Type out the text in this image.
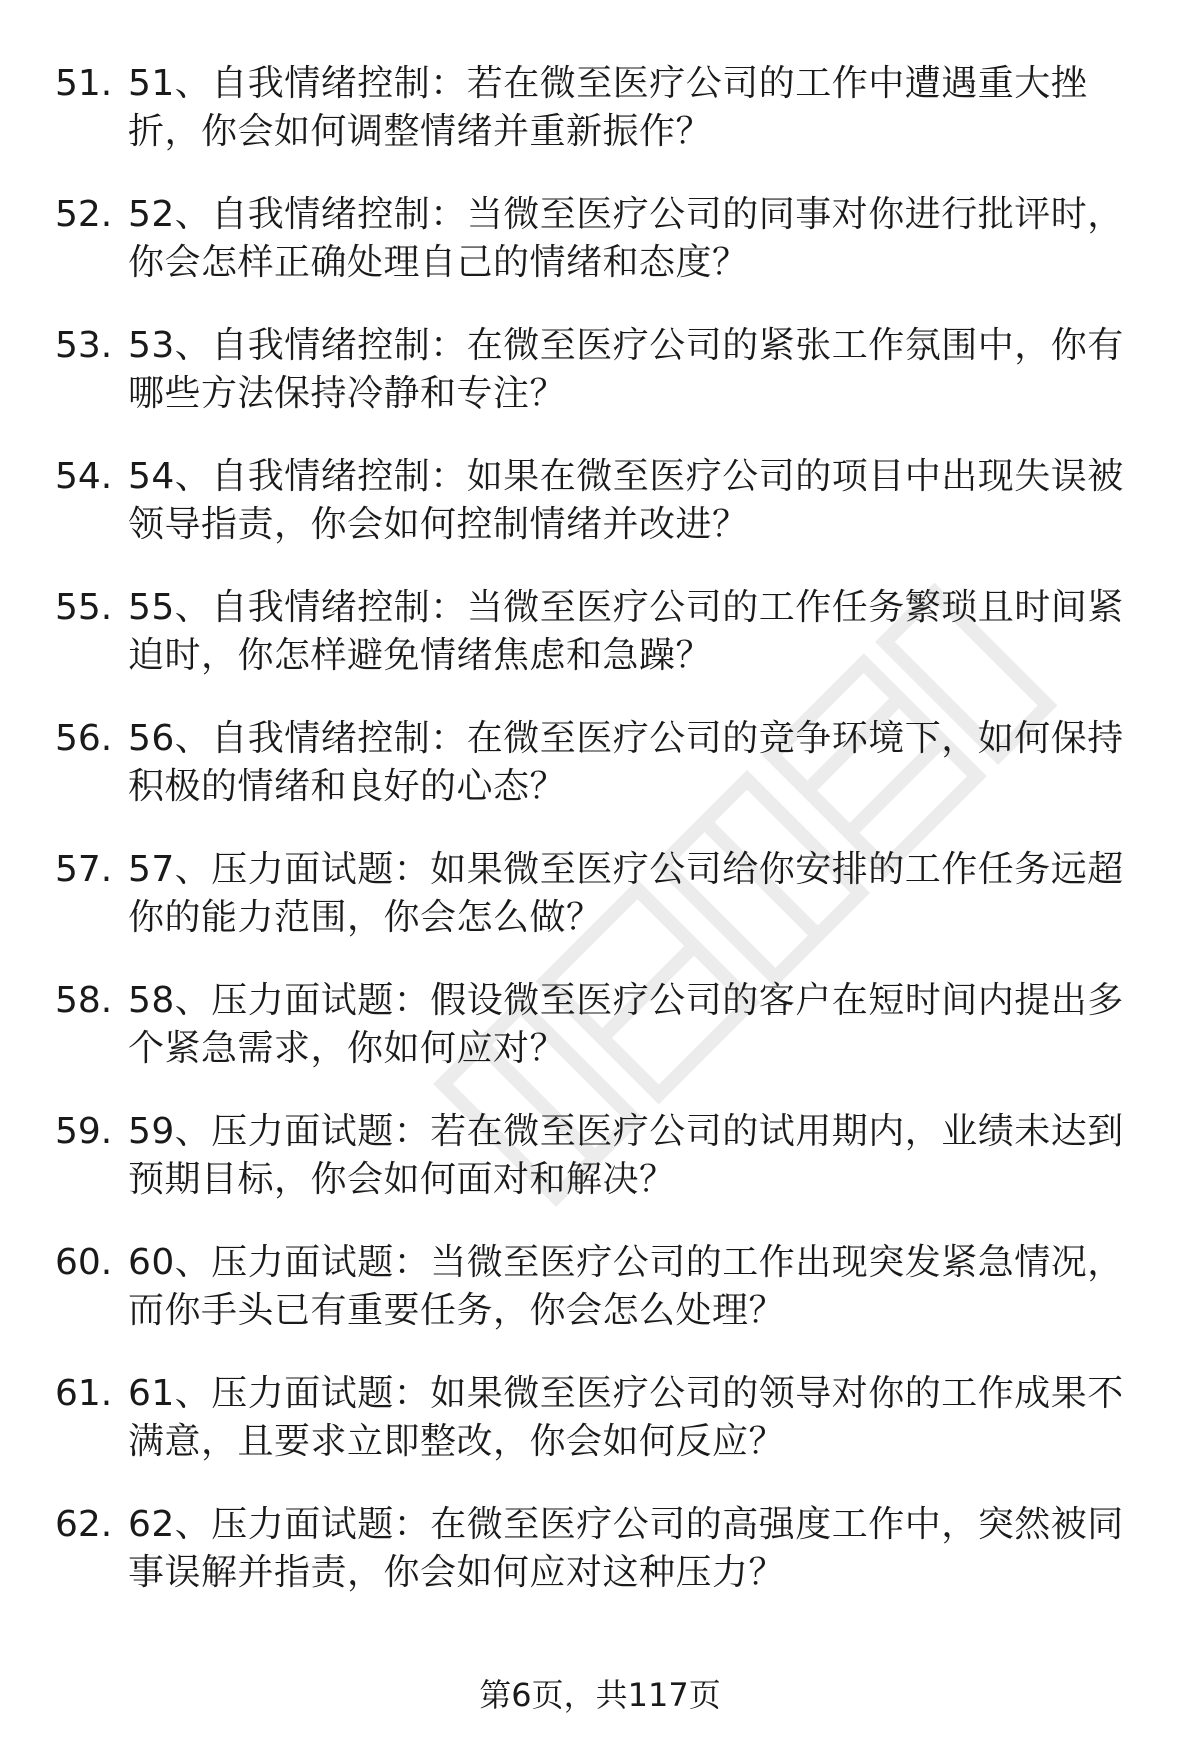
51. 51、自我情绪控制：若在微至医疗公司的工作中遭遇重大挫折，你会如何调整情绪并重新振作？
52. 52、自我情绪控制：当微至医疗公司的同事对你进行批评时，你会怎样正确处理自己的情绪和态度？
53. 53、自我情绪控制：在微至医疗公司的紧张工作氛围中，你有哪些方法保持冷静和专注？
54. 54、自我情绪控制：如果在微至医疗公司的项目中出现失误被领导指责，你会如何控制情绪并改进？
55. 55、自我情绪控制：当微至医疗公司的工作任务繁琐且时间紧迫时，你怎样避免情绪焦虑和急躁？
56. 56、自我情绪控制：在微至医疗公司的竞争环境下，如何保持积极的情绪和良好的心态？
57. 57、压力面试题：如果微至医疗公司给你安排的工作任务远超你的能力范围，你会怎么做？
58. 58、压力面试题：假设微至医疗公司的客户在短时间内提出多个紧急需求，你如何应对？
59. 59、压力面试题：若在微至医疗公司的试用期内，业绩未达到预期目标，你会如何面对和解决？
60. 60、压力面试题：当微至医疗公司的工作出现突发紧急情况，而你手头已有重要任务，你会怎么处理？
61. 61、压力面试题：如果微至医疗公司的领导对你的工作成果不满意，且要求立即整改，你会如何反应？
62. 62、压力面试题：在微至医疗公司的高强度工作中，突然被同事误解并指责，你会如何应对这种压力？
第6页，共117页
